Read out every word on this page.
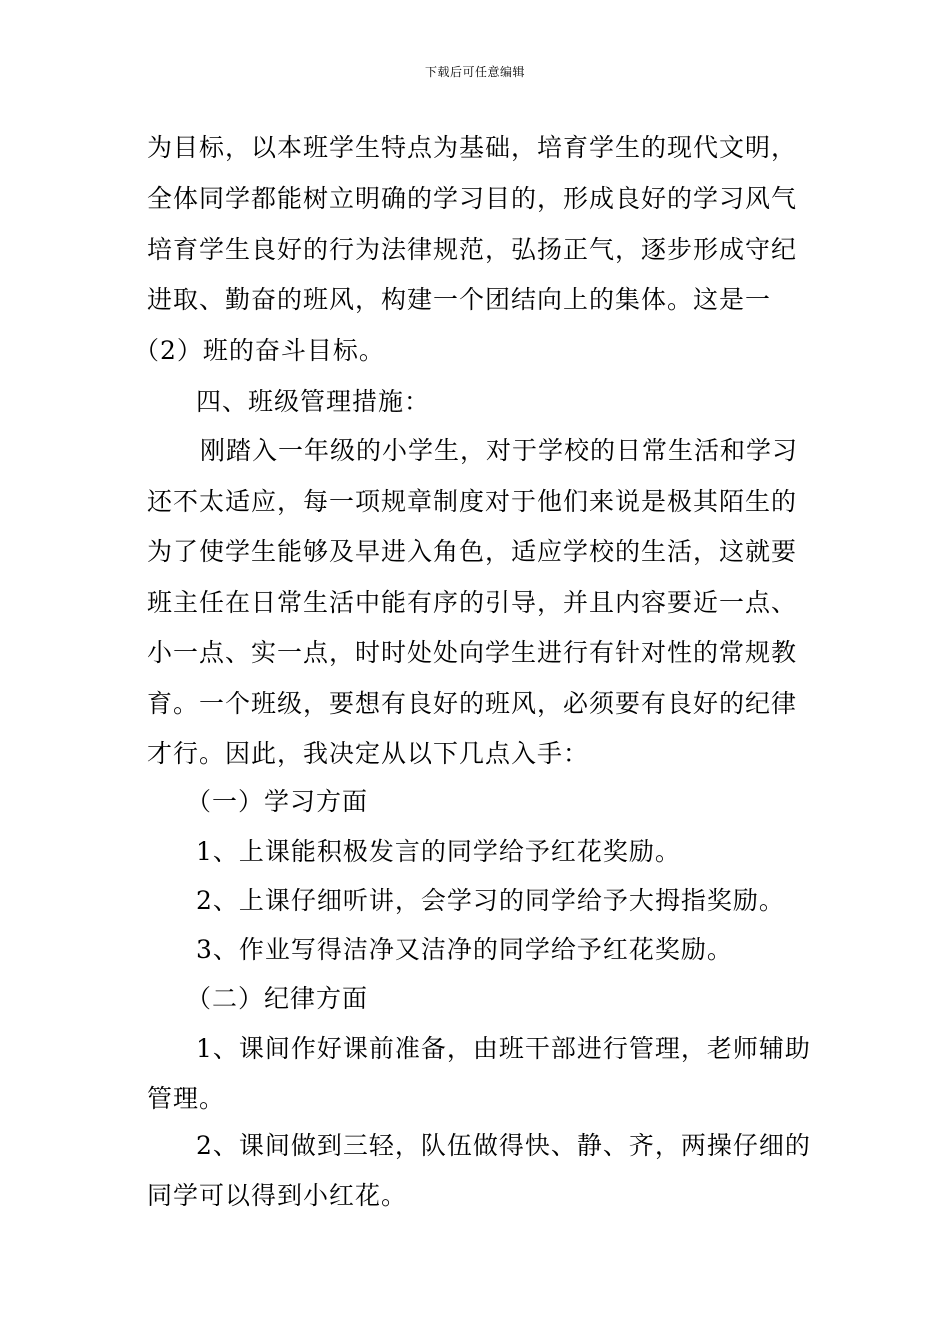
下载后可任意编辑
为目标，以本班学生特点为基础，培育学生的现代文明，
全体同学都能树立明确的学习目的，形成良好的学习风气
培育学生良好的行为法律规范，弘扬正气，逐步形成守纪
进取、勤奋的班风，构建一个团结向上的集体。这是一
（2）班的奋斗目标。
四、班级管理措施：
刚踏入一年级的小学生，对于学校的日常生活和学习
还不太适应，每一项规章制度对于他们来说是极其陌生的
为了使学生能够及早进入角色，适应学校的生活，这就要
班主任在日常生活中能有序的引导，并且内容要近一点、
小一点、实一点，时时处处向学生进行有针对性的常规教
育。一个班级，要想有良好的班风，必须要有良好的纪律
才行。因此，我决定从以下几点入手：
（一）学习方面
1、上课能积极发言的同学给予红花奖励。
2、上课仔细听讲，会学习的同学给予大拇指奖励。
3、作业写得洁净又洁净的同学给予红花奖励。
（二）纪律方面
1、课间作好课前准备，由班干部进行管理，老师辅助
管理。
2、课间做到三轻，队伍做得快、静、齐，两操仔细的
同学可以得到小红花。
